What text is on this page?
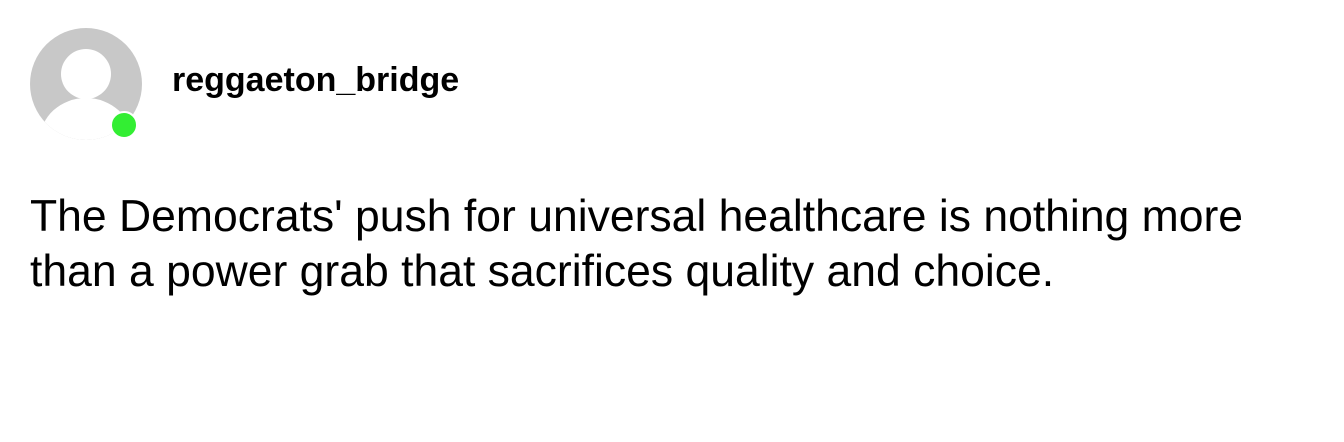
reggaeton_bridge

The Democrats' push for universal healthcare is nothing more than a power grab that sacrifices quality and choice.
